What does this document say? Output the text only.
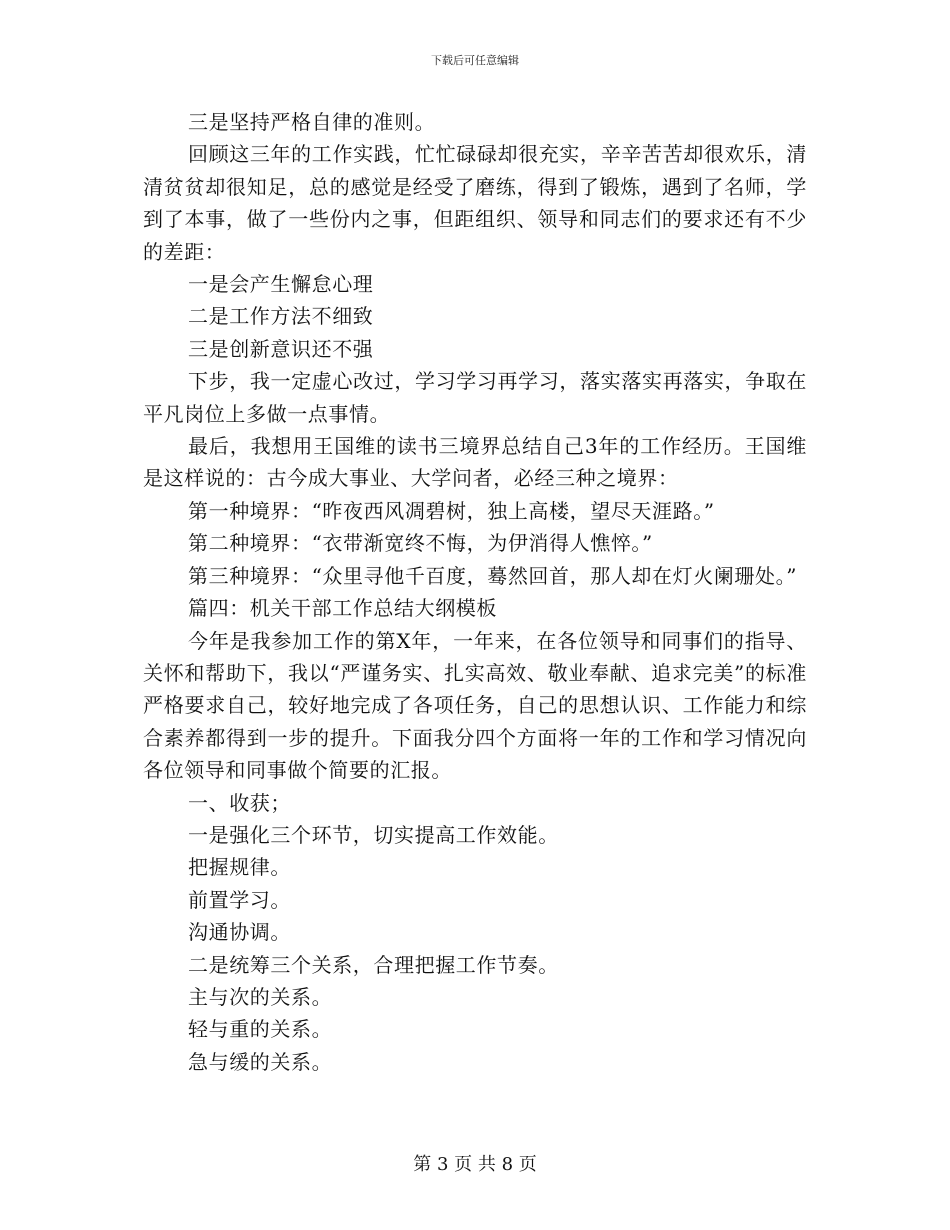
下载后可任意编辑

三是坚持严格自律的准则。

回顾这三年的工作实践，忙忙碌碌却很充实，辛辛苦苦却很欢乐，清清贫贫却很知足，总的感觉是经受了磨练，得到了锻炼，遇到了名师，学到了本事，做了一些份内之事，但距组织、领导和同志们的要求还有不少的差距：

一是会产生懈怠心理

二是工作方法不细致

三是创新意识还不强

下步，我一定虚心改过，学习学习再学习，落实落实再落实，争取在平凡岗位上多做一点事情。

最后，我想用王国维的读书三境界总结自己3年的工作经历。王国维是这样说的：古今成大事业、大学问者，必经三种之境界：

第一种境界：“昨夜西风凋碧树，独上高楼，望尽天涯路。”

第二种境界：“衣带渐宽终不悔，为伊消得人憔悴。”

第三种境界：“众里寻他千百度，蓦然回首，那人却在灯火阑珊处。”

篇四：机关干部工作总结大纲模板

今年是我参加工作的第X年，一年来，在各位领导和同事们的指导、关怀和帮助下，我以“严谨务实、扎实高效、敬业奉献、追求完美”的标准严格要求自己，较好地完成了各项任务，自己的思想认识、工作能力和综合素养都得到一步的提升。下面我分四个方面将一年的工作和学习情况向各位领导和同事做个简要的汇报。

一、收获；

一是强化三个环节，切实提高工作效能。

把握规律。

前置学习。

沟通协调。

二是统筹三个关系，合理把握工作节奏。

主与次的关系。

轻与重的关系。

急与缓的关系。

第 3 页 共 8 页
